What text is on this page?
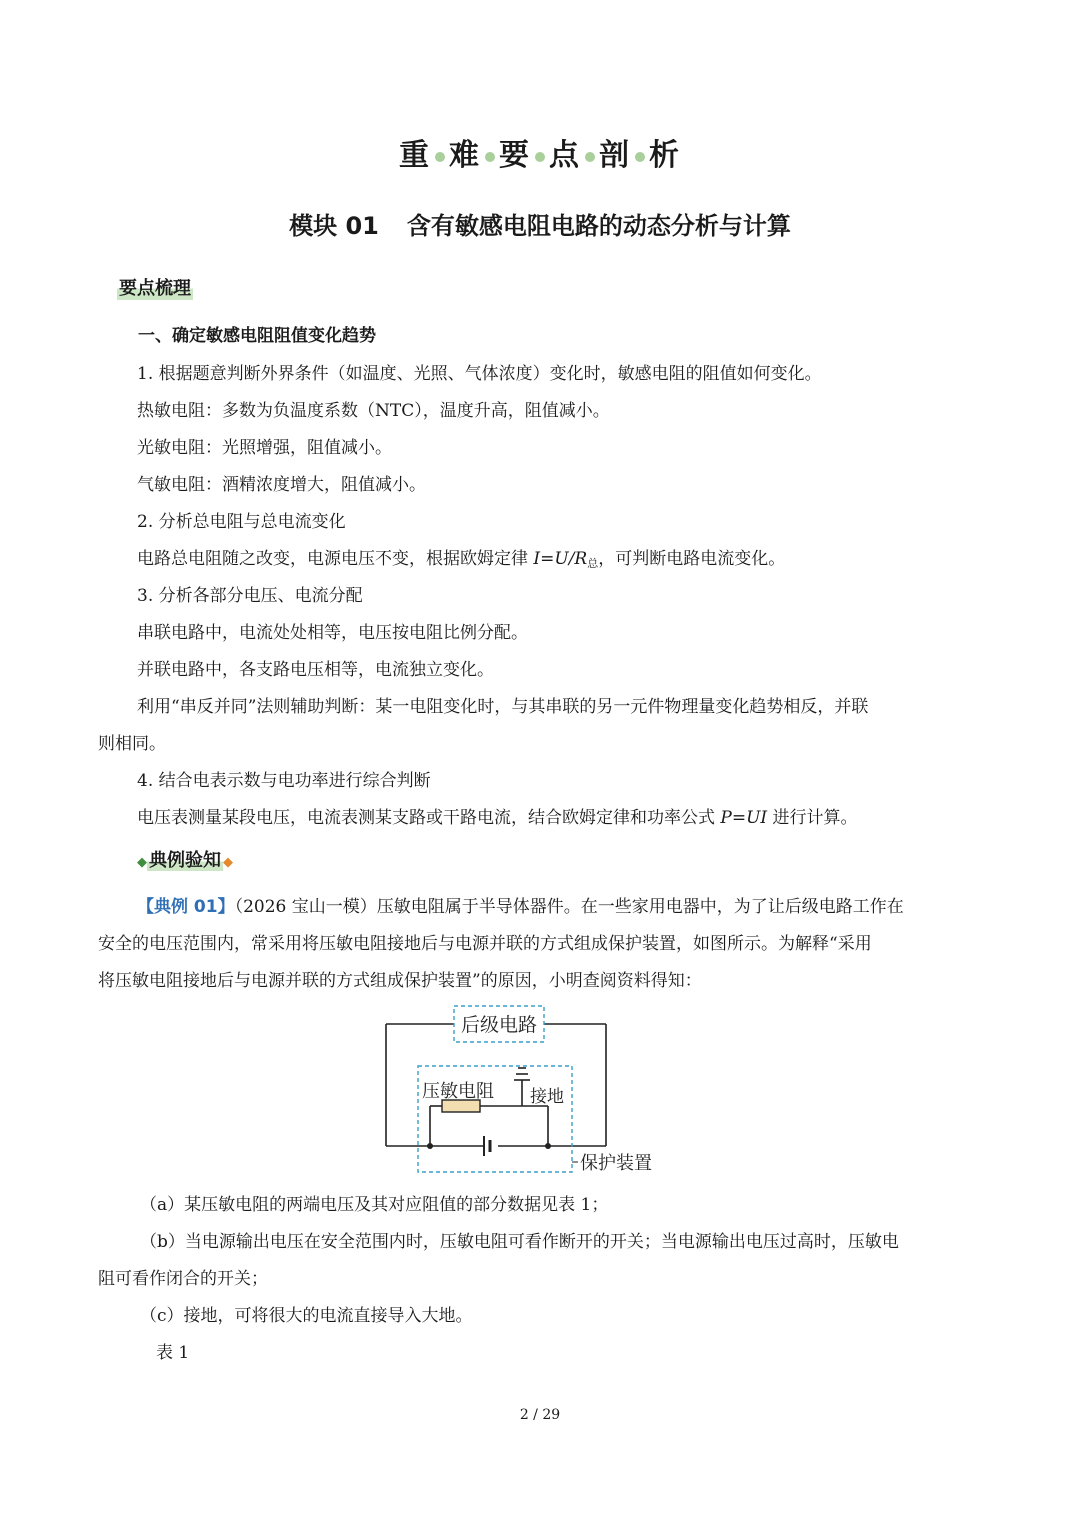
重 难 要 点 剖 析
模块 01 含有敏感电阻电路的动态分析与计算
要点梳理
一、确定敏感电阻阻值变化趋势
1. 根据题意判断外界条件（如温度、光照、气体浓度）变化时，敏感电阻的阻值如何变化。
热敏电阻：多数为负温度系数（NTC），温度升高，阻值减小。
光敏电阻：光照增强，阻值减小。
气敏电阻：酒精浓度增大，阻值减小。
2. 分析总电阻与总电流变化
电路总电阻随之改变，电源电压不变，根据欧姆定律 $I=U/R_总$，可判断电路电流变化。
3. 分析各部分电压、电流分配
串联电路中，电流处处相等，电压按电阻比例分配。
并联电路中，各支路电压相等，电流独立变化。
利用“串反并同”法则辅助判断：某一电阻变化时，与其串联的另一元件物理量变化趋势相反，并联
则相同。
4. 结合电表示数与电功率进行综合判断
电压表测量某段电压，电流表测某支路或干路电流，结合欧姆定律和功率公式 P=UI 进行计算。
◆ 典例验知 ◆
【典例 01】（2026 宝山一模）压敏电阻属于半导体器件。在一些家用电器中，为了让后级电路工作在
安全的电压范围内，常采用将压敏电阻接地后与电源并联的方式组成保护装置，如图所示。为解释“采用
将压敏电阻接地后与电源并联的方式组成保护装置”的原因，小明查阅资料得知：
后级电路
压敏电阻 接地
保护装置
（a）某压敏电阻的两端电压及其对应阻值的部分数据见表 1；
（b）当电源输出电压在安全范围内时，压敏电阻可看作断开的开关；当电源输出电压过高时，压敏电
阻可看作闭合的开关；
（c）接地，可将很大的电流直接导入大地。
表 1
2 / 29
